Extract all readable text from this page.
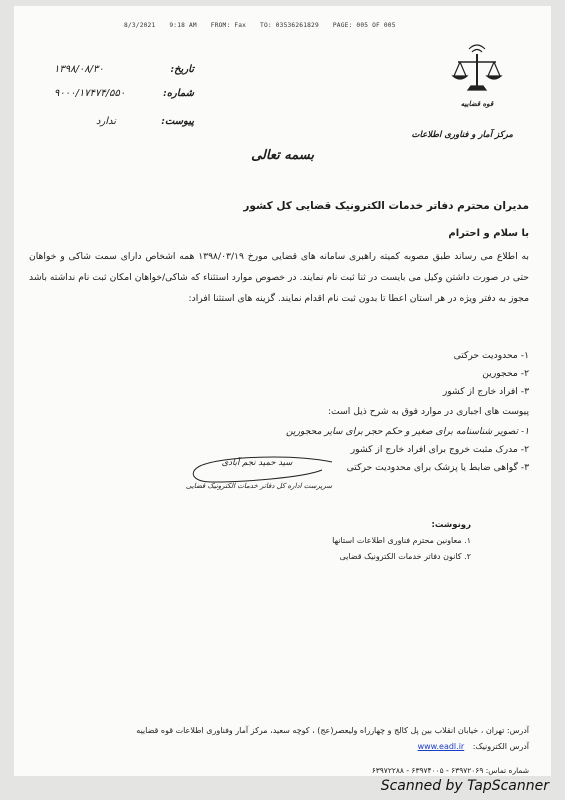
8/3/2021 9:18 AM FROM: Fax TO: 03536261829 PAGE: 005 OF 005
۱۳۹۸/۰۸/۳۰	تاریخ:
۹۰۰۰/۱۷۴۷۴/۵۵۰	شماره:
ندارد	پیوست:
قوه قضاییه
مرکز آمار و فناوری اطلاعات
بسمه تعالی
مدیران محترم دفاتر خدمات الکترونیک قضایی کل کشور
با سلام و احترام
به اطلاع می رساند طبق مصوبه کمیته راهبری سامانه های قضایی مورخ ۱۳۹۸/۰۳/۱۹ همه اشخاص دارای سمت شاکی و خواهان حتی در صورت داشتن وکیل می بایست در ثنا ثبت نام نمایند. در خصوص موارد استثناء که شاکی/خواهان امکان ثبت نام نداشته باشد مجوز به دفتر ویژه در هر استان اعطا تا بدون ثبت نام اقدام نمایند. گزینه های استثنا افراد:
۱- محدودیت حرکتی
۲- محجورین
۳- افراد خارج از کشور
پیوست های اجباری در موارد فوق به شرح ذیل است:
۱- تصویر شناسنامه برای صغیر و حکم حجر برای سایر محجورین
۲- مدرک مثبت خروج برای افراد خارج از کشور
۳- گواهی ضابط یا پزشک برای محدودیت حرکتی
سید حمید نجم آبادی
سرپرست اداره کل دفاتر خدمات الکترونیک قضایی
رونوشت:
۱. معاونین محترم فناوری اطلاعات استانها
۲. کانون دفاتر خدمات الکترونیک قضایی
آدرس: تهران ، خیابان انقلاب بین پل کالج و چهارراه ولیعصر(عج) ، کوچه سعید، مرکز آمار وفناوری اطلاعات قوه قضاییه
آدرس الکترونیک: www.eadl.ir
شماره تماس: ۶۳۹۷۲۰۶۹ - ۶۳۹۷۴۰۰۵ - ۶۳۹۷۲۲۸۸
Scanned by TapScanner
